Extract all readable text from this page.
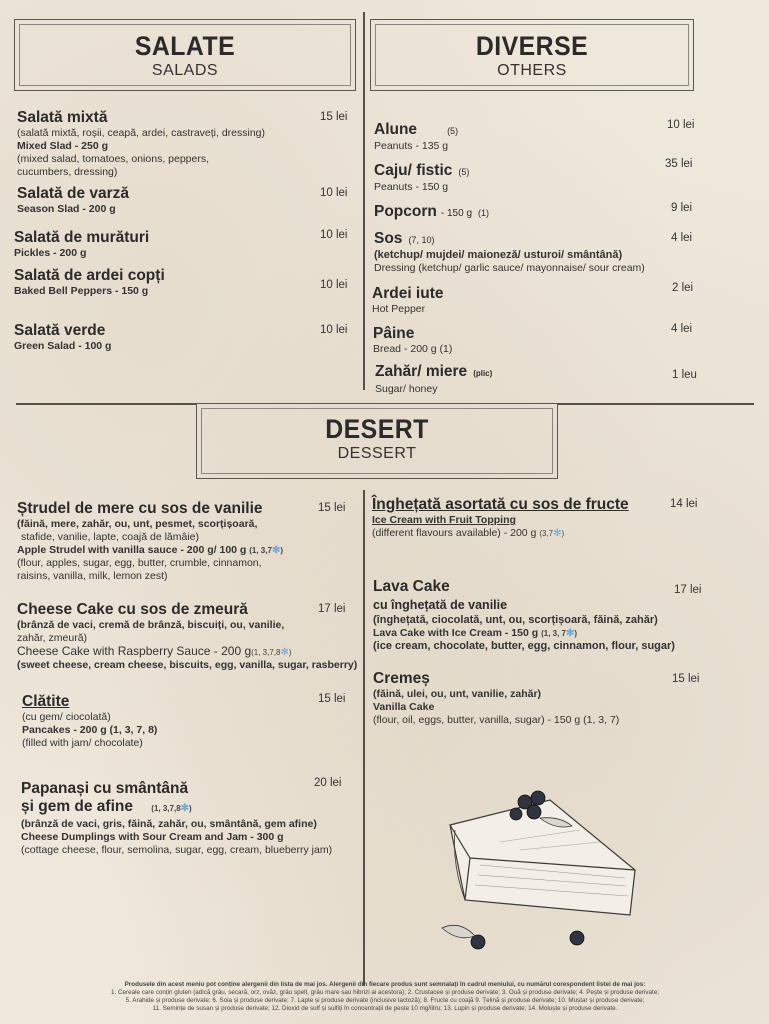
SALATE
SALADS
DIVERSE
OTHERS
Salată mixtă
(salată mixtă, roșii, ceapă, ardei, castraveți, dressing)
Mixed Slad - 250 g
(mixed salad, tomatoes, onions, peppers,
cucumbers, dressing)
15 lei
Salată de varză
Season Slad - 200 g
10 lei
Salată de murături
Pickles - 200 g
10 lei
Salată de ardei copți
Baked Bell Peppers - 150 g	10 lei
Salată verde
Green Salad - 100 g
10 lei
Alune	(5)
Peanuts - 135 g
10 lei
Caju/ fistic (5)
Peanuts - 150 g
35 lei
Popcorn - 150 g (1)	9 lei
Sos (7, 10)
(ketchup/ mujdei/ maioneză/ usturoi/ smântână)
Dressing (ketchup/ garlic sauce/ mayonnaise/ sour cream)
4 lei
Ardei iute
Hot Pepper
2 lei
Pâine
Bread - 200 g (1)
4 lei
Zahăr/ miere (plic)
Sugar/ honey
1 leu
DESERT
DESSERT
Ștrudel de mere cu sos de vanilie
(făină, mere, zahăr, ou, unt, pesmet, scorțișoară,
stafide, vanilie, lapte, coajă de lămâie)
Apple Strudel with vanilla sauce - 200 g/ 100 g (1, 3,7✻)
(flour, apples, sugar, egg, butter, crumble, cinnamon,
raisins, vanilla, milk, lemon zest)
15 lei
Cheese Cake cu sos de zmeură
(brânză de vaci, cremă de brânză, biscuiți, ou, vanilie,
zahăr, zmeură)
Cheese Cake with Raspberry Sauce - 200 g(1, 3,7,8✻)
(sweet cheese, cream cheese, biscuits, egg, vanilla, sugar, rasberry)
17 lei
Clătite
(cu gem/ ciocolată)
Pancakes - 200 g (1, 3, 7, 8)
(filled with jam/ chocolate)
15 lei
Papanași cu smântână
și gem de afine (1, 3,7,8✻)
(brânză de vaci, gris, făină, zahăr, ou, smântână, gem afine)
Cheese Dumplings with Sour Cream and Jam - 300 g
(cottage cheese, flour, semolina, sugar, egg, cream, blueberry jam)
20 lei
Înghețată asortată cu sos de fructe
Ice Cream with Fruit Topping
(different flavours available) - 200 g (3,7✻)
14 lei
Lava Cake
cu înghețată de vanilie
(înghețată, ciocolată, unt, ou, scorțișoară, făină, zahăr)
Lava Cake with Ice Cream - 150 g (1, 3, 7✻)
(ice cream, chocolate, butter, egg, cinnamon, flour, sugar)
17 lei
Cremeș
(făină, ulei, ou, unt, vanilie, zahăr)
Vanilla Cake
(flour, oil, eggs, butter, vanilla, sugar) - 150 g (1, 3, 7)
15 lei
Produsele din acest meniu pot conține alergenii din lista de mai jos. Alergenii din fiecare produs sunt semnalați în cadrul meniului, cu numărul corespondent listei de mai jos:
1. Cereale care conțin gluten (adică grâu, secară, orz, ovăz, grâu spelt, grâu mare sau hibrizi ai acestora); 2. Crustacee și produse derivate; 3. Ouă și produse derivate; 4. Pește și produse derivate;
5. Arahide și produse derivate; 6. Soia și produse derivate; 7. Lapte și produse derivate (inclusive lactoză); 8. Fructe cu coajă 9. Țelină și produse derivate; 10. Muștar și produse derivate;
11. Semințe de susan și produse derivate; 12. Dioxid de sulf și sulfiți în concentrații de peste 10 mg/litru; 13. Lupin și produse derivate; 14. Moluște și produse derivate.
